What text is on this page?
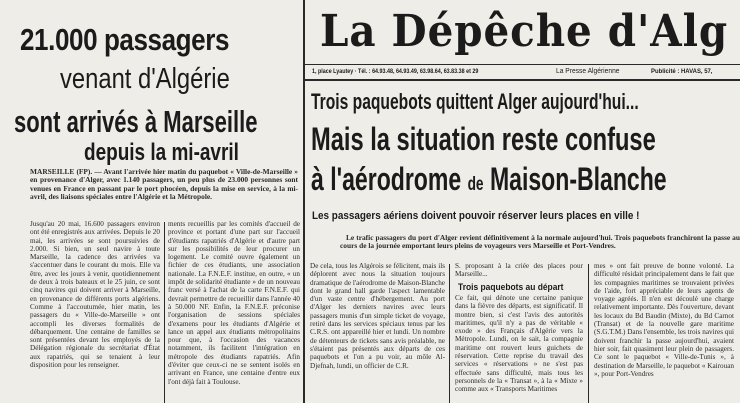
21.000 passagers
venant d'Algérie
sont arrivés à Marseille
depuis la mi-avril
MARSEILLE (FP). — Avant l'arrivée hier matin du paquebot « Ville-de-Marseille » en provenance d'Alger, avec 1.140 passagers, un peu plus de 23.000 personnes sont venues en France en passant par le port phocéen, depuis la mise en service, à la mi-avril, des liaisons spéciales entre l'Algérie et la Métropole.
Jusqu'au 20 mai, 16.600 passagers environ ont été enregistrés aux arrivées. Depuis le 20 mai, les arrivées se sont poursuivies de 2.000. Si bien, un seul navire à toute Marseille, la cadence des arrivées va s'accentuer dans le courant du mois. Elle va être, avec les jours à venir, quotidiennement de deux à trois bateaux et le 25 juin, ce sont cinq navires qui doivent arriver à Marseille, en provenance de différents ports algériens. Comme à l'accoutumée, hier matin, les passagers du « Ville-de-Marseille » ont accompli les diverses formalités de débarquement. Une centaine de familles se sont présentées devant les employés de la Délégation régionale du secrétariat d'État aux rapatriés, qui se tenaient à leur disposition pour les renseigner.
ments recueillis par les comités d'accueil de province et portant d'une part sur l'accueil d'étudiants rapatriés d'Algérie et d'autre part sur les possibilités de leur procurer un logement. Le comité ouvre également un fichier de ces étudiants, une association nationale. La F.N.E.F. institue, en outre, « un impôt de solidarité étudiante » de un nouveau franc versé à l'achat de la carte F.N.E.F. qui devrait permettre de recueillir dans l'année 40 à 50.000 NF. Enfin, la F.N.E.F. préconise l'organisation de sessions spéciales d'examens pour les étudiants d'Algérie et lance un appel aux étudiants métropolitains pour que, à l'occasion des vacances notamment, ils facilitent l'intégration en métropole des étudiants rapatriés. Afin d'éviter que ceux-ci ne se sentent isolés en arrivant en France, une centaine d'entre eux l'ont déjà fait à Toulouse.
La Dépêche d'Alg
1, place Lyautey · Tél. : 64.93.48, 64.93.49, 63.98.64, 63.83.38 et 29	La Presse Algérienne	Publicité : HAVAS, 57,
Trois paquebots quittent Alger aujourd'hui...
Mais la situation reste confuse
à l'aérodrome de Maison-Blanche
Les passagers aériens doivent pouvoir réserver leurs places en ville !
Le trafic passagers du port d'Alger revient définitivement à la normale aujourd'hui. Trois paquebots franchiront la passe au cours de la journée emportant leurs pleins de voyageurs vers Marseille et Port-Vendres.
De cela, tous les Algérois se félicitent, mais ils déplorent avec nous la situation toujours dramatique de l'aérodrome de Maison-Blanche dont le grand hall garde l'aspect lamentable d'un vaste centre d'hébergement. Au port d'Alger les derniers navires avec leurs passagers munis d'un simple ticket de voyage, retiré dans les services spéciaux tenus par les C.R.S. ont appareillé hier et lundi. Un nombre de détenteurs de tickets sans avis préalable, ne s'étaient pas présentés aux départs de ces paquebots et l'on a pu voir, au môle Al-Djefnah, lundi, un officier de C.R.
S. proposant à la criée des places pour Marseille...
Trois paquebots au départ
Ce fait, qui dénote une certaine panique dans la fièvre des départs, est significatif. Il montre bien, si c'est l'avis des autorités maritimes, qu'il n'y a pas de véritable « exode » des Français d'Algérie vers la Métropole. Lundi, on le sait, la compagnie maritime ont rouvert leurs guichets de réservation. Cette reprise du travail des services « réservations » ne s'est pas effectuée sans difficulté, mais tous les personnels de la « Transat », à la « Mixte » comme aux « Transports Maritimes
mes » ont fait preuve de bonne volonté. La difficulté résidait principalement dans le fait que les compagnies maritimes se trouvaient privées de l'aide, fort appréciable de leurs agents de voyage agréés. Il n'en est découlé une charge relativement importante. Dès l'ouverture, devant les locaux du Bd Baudin (Mixte), du Bd Carnot (Transat) et de la nouvelle gare maritime (S.G.T.M.) Dans l'ensemble, les trois navires qui doivent franchir la passe aujourd'hui, avaient hier soir, fait quasiment leur plein de passagers. Ce sont le paquebot « Ville-de-Tunis », à destination de Marseille, le paquebot « Kairouan », pour Port-Vendres
